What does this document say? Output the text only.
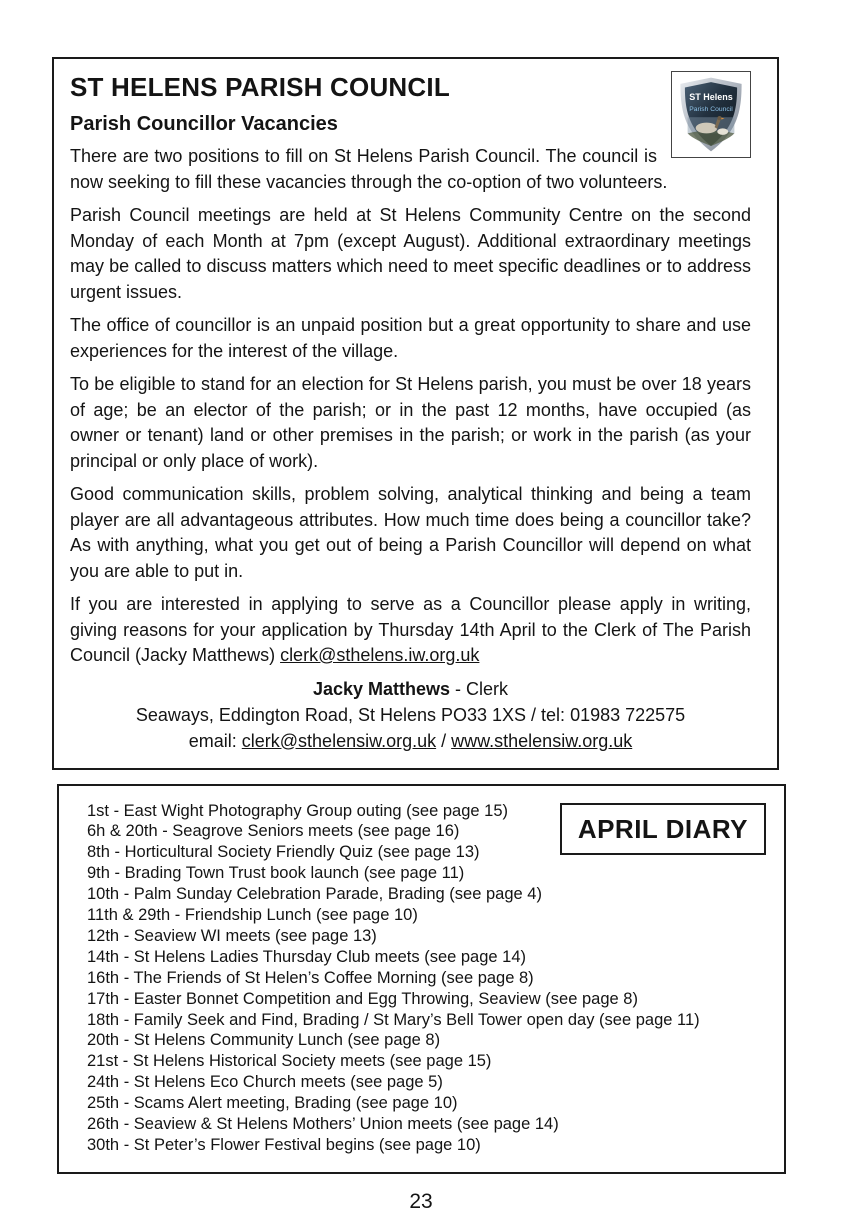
ST Helens
Parish Council
ST HELENS PARISH COUNCIL
Parish Councillor Vacancies

There are two positions to fill on St Helens Parish Council. The council is now seeking to fill these vacancies through the co-option of two volunteers.

Parish Council meetings are held at St Helens Community Centre on the second Monday of each Month at 7pm (except August). Additional extraordinary meetings may be called to discuss matters which need to meet specific deadlines or to address urgent issues.

The office of councillor is an unpaid position but a great opportunity to share and use experiences for the interest of the village.

To be eligible to stand for an election for St Helens parish, you must be over 18 years of age; be an elector of the parish; or in the past 12 months, have occupied (as owner or tenant) land or other premises in the parish; or work in the parish (as your principal or only place of work).

Good communication skills, problem solving, analytical thinking and being a team player are all advantageous attributes. How much time does being a councillor take? As with anything, what you get out of being a Parish Councillor will depend on what you are able to put in.

If you are interested in applying to serve as a Councillor please apply in writing, giving reasons for your application by Thursday 14th April to the Clerk of The Parish Council (Jacky Matthews) clerk@sthelens.iw.org.uk

Jacky Matthews - Clerk
Seaways, Eddington Road, St Helens PO33 1XS / tel: 01983 722575
email: clerk@sthelensiw.org.uk / www.sthelensiw.org.uk
APRIL DIARY
1st - East Wight Photography Group outing (see page 15)
6h & 20th - Seagrove Seniors meets (see page 16)
8th - Horticultural Society Friendly Quiz (see page 13)
9th - Brading Town Trust book launch (see page 11)
10th - Palm Sunday Celebration Parade, Brading (see page 4)
11th & 29th - Friendship Lunch (see page 10)
12th - Seaview WI meets (see page 13)
14th - St Helens Ladies Thursday Club meets (see page 14)
16th - The Friends of St Helen’s Coffee Morning (see page 8)
17th - Easter Bonnet Competition and Egg Throwing, Seaview (see page 8)
18th - Family Seek and Find, Brading / St Mary’s Bell Tower open day (see page 11)
20th - St Helens Community Lunch (see page 8)
21st - St Helens Historical Society meets (see page 15)
24th - St Helens Eco Church meets (see page 5)
25th - Scams Alert meeting, Brading (see page 10)
26th - Seaview & St Helens Mothers’ Union meets (see page 14)
30th - St Peter’s Flower Festival begins (see page 10)
23
